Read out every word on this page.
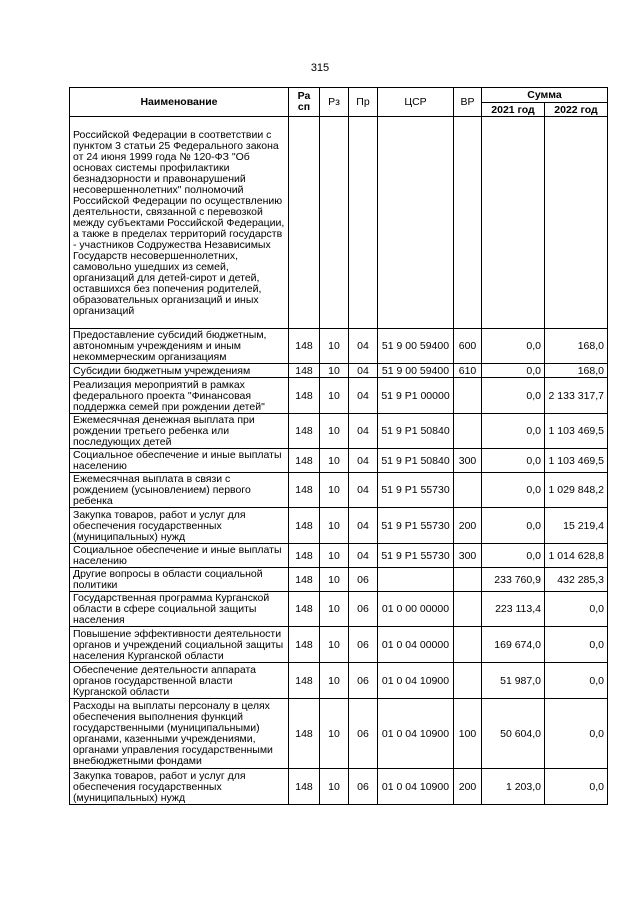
315
Наименование	Ра сп	Рз	Пр	ЦСР	ВР	Сумма	
						2021 год	2022 год
Российской Федерации в соответствии с пунктом 3 статьи 25 Федерального закона от 24 июня 1999 года № 120-ФЗ "Об основах системы профилактики безнадзорности и правонарушений несовершеннолетних" полномочий Российской Федерации по осуществлению деятельности, связанной с перевозкой между субъектами Российской Федерации, а также в пределах территорий государств - участников Содружества Независимых Государств несовершеннолетних, самовольно ушедших из семей, организаций для детей-сирот и детей, оставшихся без попечения родителей, образовательных организаций и иных организаций							
Предоставление субсидий бюджетным, автономным учреждениям и иным некоммерческим организациям	148	10	04	51 9 00 59400	600	0,0	168,0
Субсидии бюджетным учреждениям	148	10	04	51 9 00 59400	610	0,0	168,0
Реализация мероприятий в рамках федерального проекта "Финансовая поддержка семей при рождении детей"	148	10	04	51 9 P1 00000		0,0	2 133 317,7
Ежемесячная денежная выплата при рождении третьего ребенка или последующих детей	148	10	04	51 9 P1 50840		0,0	1 103 469,5
Социальное обеспечение и иные выплаты населению	148	10	04	51 9 P1 50840	300	0,0	1 103 469,5
Ежемесячная выплата в связи с рождением (усыновлением) первого ребенка	148	10	04	51 9 P1 55730		0,0	1 029 848,2
Закупка товаров, работ и услуг для обеспечения государственных (муниципальных) нужд	148	10	04	51 9 P1 55730	200	0,0	15 219,4
Социальное обеспечение и иные выплаты населению	148	10	04	51 9 P1 55730	300	0,0	1 014 628,8
Другие вопросы в области социальной политики	148	10	06			233 760,9	432 285,3
Государственная программа Курганской области в сфере социальной защиты населения	148	10	06	01 0 00 00000		223 113,4	0,0
Повышение эффективности деятельности органов и учреждений социальной защиты населения Курганской области	148	10	06	01 0 04 00000		169 674,0	0,0
Обеспечение деятельности аппарата органов государственной власти Курганской области	148	10	06	01 0 04 10900		51 987,0	0,0
Расходы на выплаты персоналу в целях обеспечения выполнения функций государственными (муниципальными) органами, казенными учреждениями, органами управления государственными внебюджетными фондами	148	10	06	01 0 04 10900	100	50 604,0	0,0
Закупка товаров, работ и услуг для обеспечения государственных (муниципальных) нужд	148	10	06	01 0 04 10900	200	1 203,0	0,0
